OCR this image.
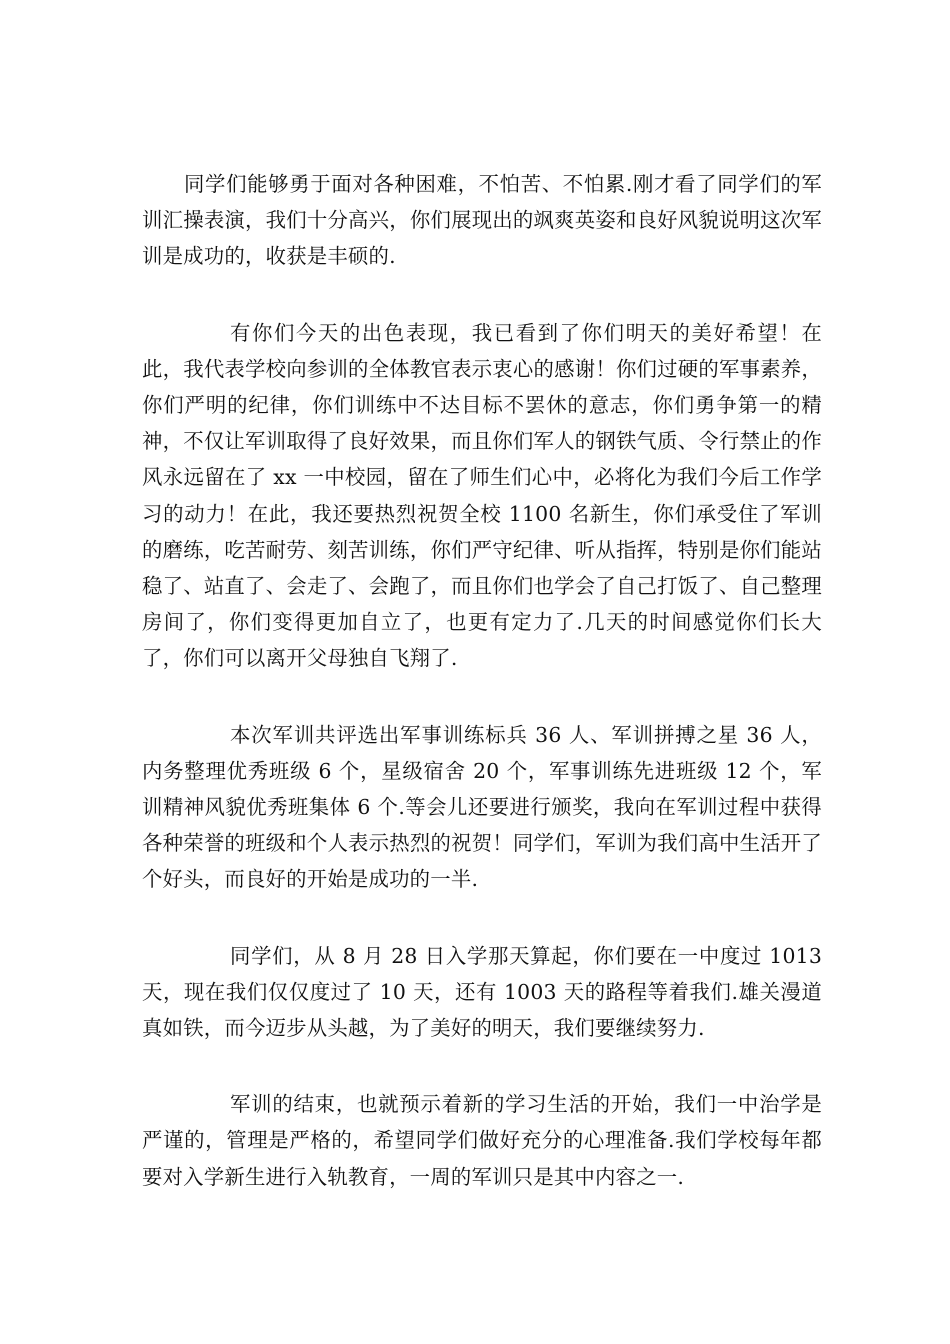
同学们能够勇于面对各种困难，不怕苦、不怕累.刚才看了同学们的军训汇操表演，我们十分高兴，你们展现出的飒爽英姿和良好风貌说明这次军训是成功的，收获是丰硕的.

有你们今天的出色表现，我已看到了你们明天的美好希望！在此，我代表学校向参训的全体教官表示衷心的感谢！你们过硬的军事素养，你们严明的纪律，你们训练中不达目标不罢休的意志，你们勇争第一的精神，不仅让军训取得了良好效果，而且你们军人的钢铁气质、令行禁止的作风永远留在了 xx 一中校园，留在了师生们心中，必将化为我们今后工作学习的动力！在此，我还要热烈祝贺全校 1100 名新生，你们承受住了军训的磨练，吃苦耐劳、刻苦训练，你们严守纪律、听从指挥，特别是你们能站稳了、站直了、会走了、会跑了，而且你们也学会了自己打饭了、自己整理房间了，你们变得更加自立了，也更有定力了.几天的时间感觉你们长大了，你们可以离开父母独自飞翔了.

本次军训共评选出军事训练标兵 36 人、军训拼搏之星 36 人，内务整理优秀班级 6 个，星级宿舍 20 个，军事训练先进班级 12 个，军训精神风貌优秀班集体 6 个.等会儿还要进行颁奖，我向在军训过程中获得各种荣誉的班级和个人表示热烈的祝贺！同学们，军训为我们高中生活开了个好头，而良好的开始是成功的一半.

同学们，从 8 月 28 日入学那天算起，你们要在一中度过 1013 天，现在我们仅仅度过了 10 天，还有 1003 天的路程等着我们.雄关漫道真如铁，而今迈步从头越，为了美好的明天，我们要继续努力.

军训的结束，也就预示着新的学习生活的开始，我们一中治学是严谨的，管理是严格的，希望同学们做好充分的心理准备.我们学校每年都要对入学新生进行入轨教育，一周的军训只是其中内容之一.
